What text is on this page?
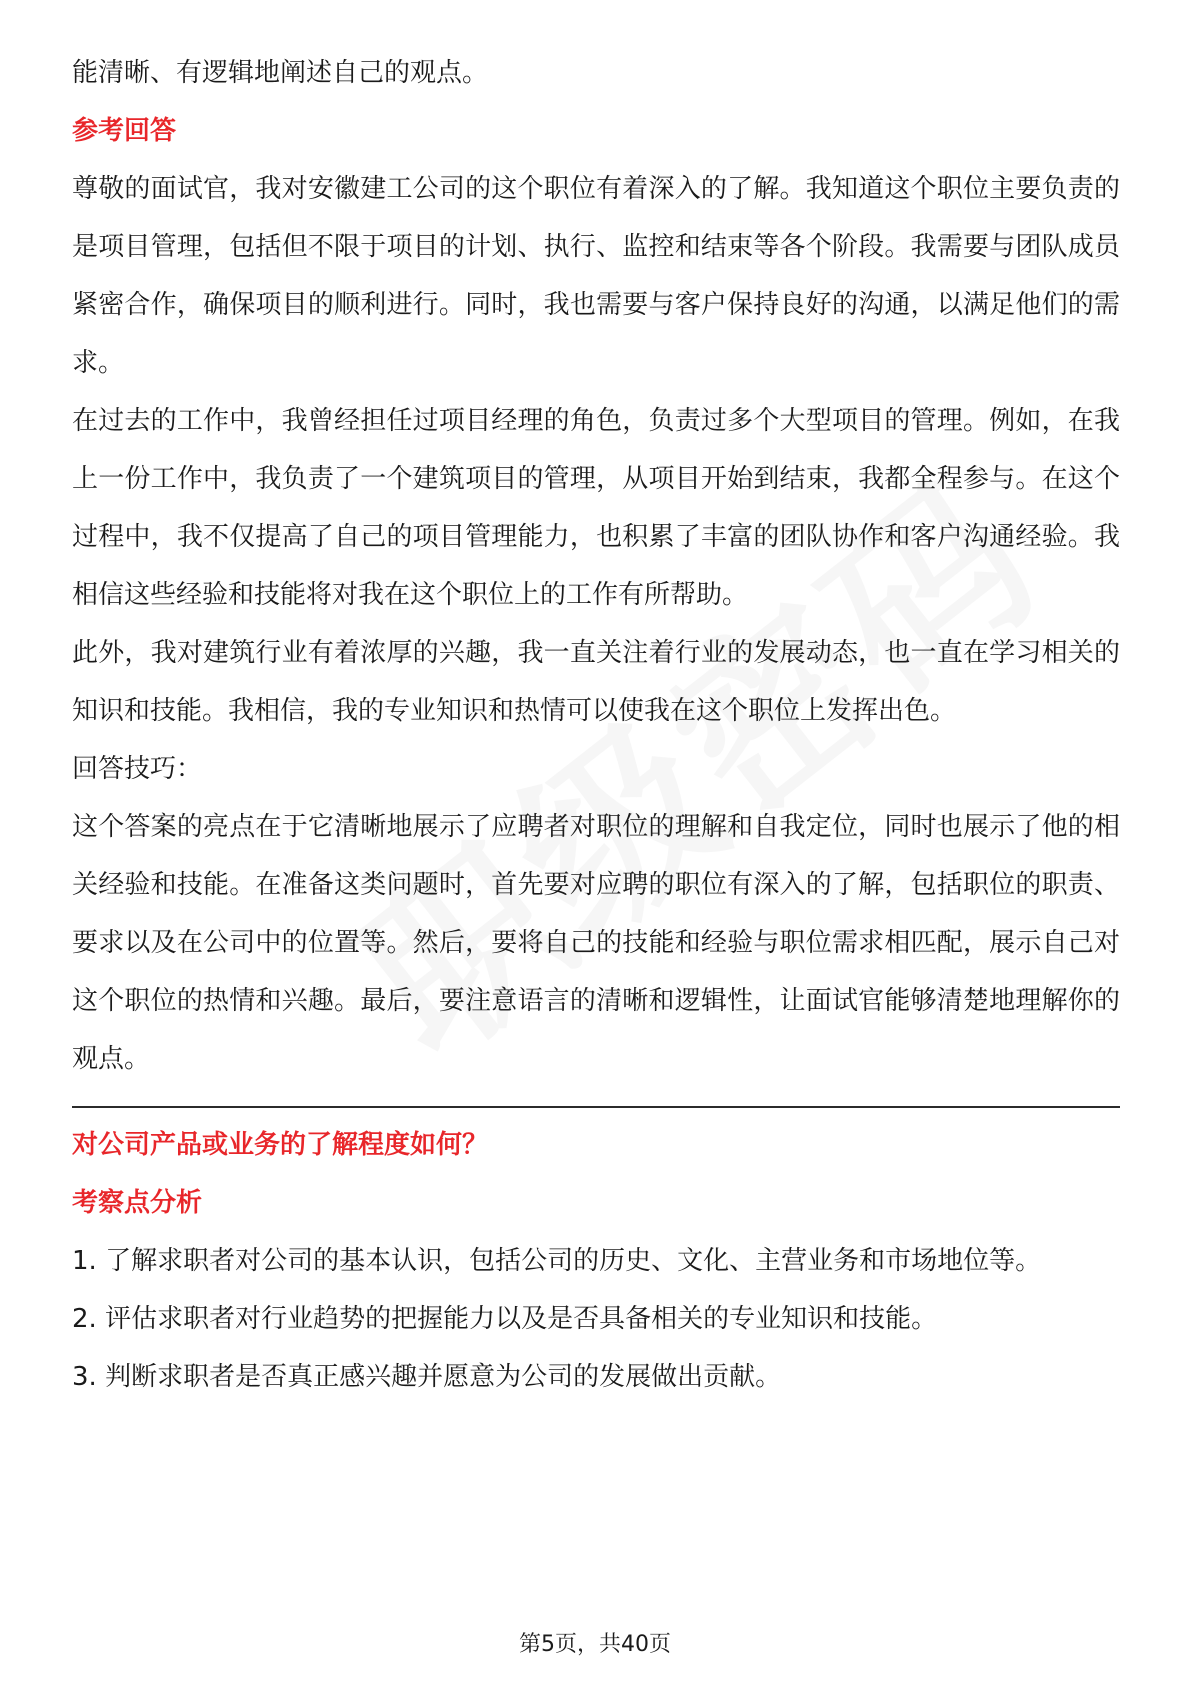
能清晰、有逻辑地阐述自己的观点。

参考回答

尊敬的面试官，我对安徽建工公司的这个职位有着深入的了解。我知道这个职位主要负责的是项目管理，包括但不限于项目的计划、执行、监控和结束等各个阶段。我需要与团队成员紧密合作，确保项目的顺利进行。同时，我也需要与客户保持良好的沟通，以满足他们的需求。

在过去的工作中，我曾经担任过项目经理的角色，负责过多个大型项目的管理。例如，在我上一份工作中，我负责了一个建筑项目的管理，从项目开始到结束，我都全程参与。在这个过程中，我不仅提高了自己的项目管理能力，也积累了丰富的团队协作和客户沟通经验。我相信这些经验和技能将对我在这个职位上的工作有所帮助。

此外，我对建筑行业有着浓厚的兴趣，我一直关注着行业的发展动态，也一直在学习相关的知识和技能。我相信，我的专业知识和热情可以使我在这个职位上发挥出色。

回答技巧：

这个答案的亮点在于它清晰地展示了应聘者对职位的理解和自我定位，同时也展示了他的相关经验和技能。在准备这类问题时，首先要对应聘的职位有深入的了解，包括职位的职责、要求以及在公司中的位置等。然后，要将自己的技能和经验与职位需求相匹配，展示自己对这个职位的热情和兴趣。最后，要注意语言的清晰和逻辑性，让面试官能够清楚地理解你的观点。

对公司产品或业务的了解程度如何？

考察点分析

1. 了解求职者对公司的基本认识，包括公司的历史、文化、主营业务和市场地位等。

2. 评估求职者对行业趋势的把握能力以及是否具备相关的专业知识和技能。

3. 判断求职者是否真正感兴趣并愿意为公司的发展做出贡献。

第5页，共40页
